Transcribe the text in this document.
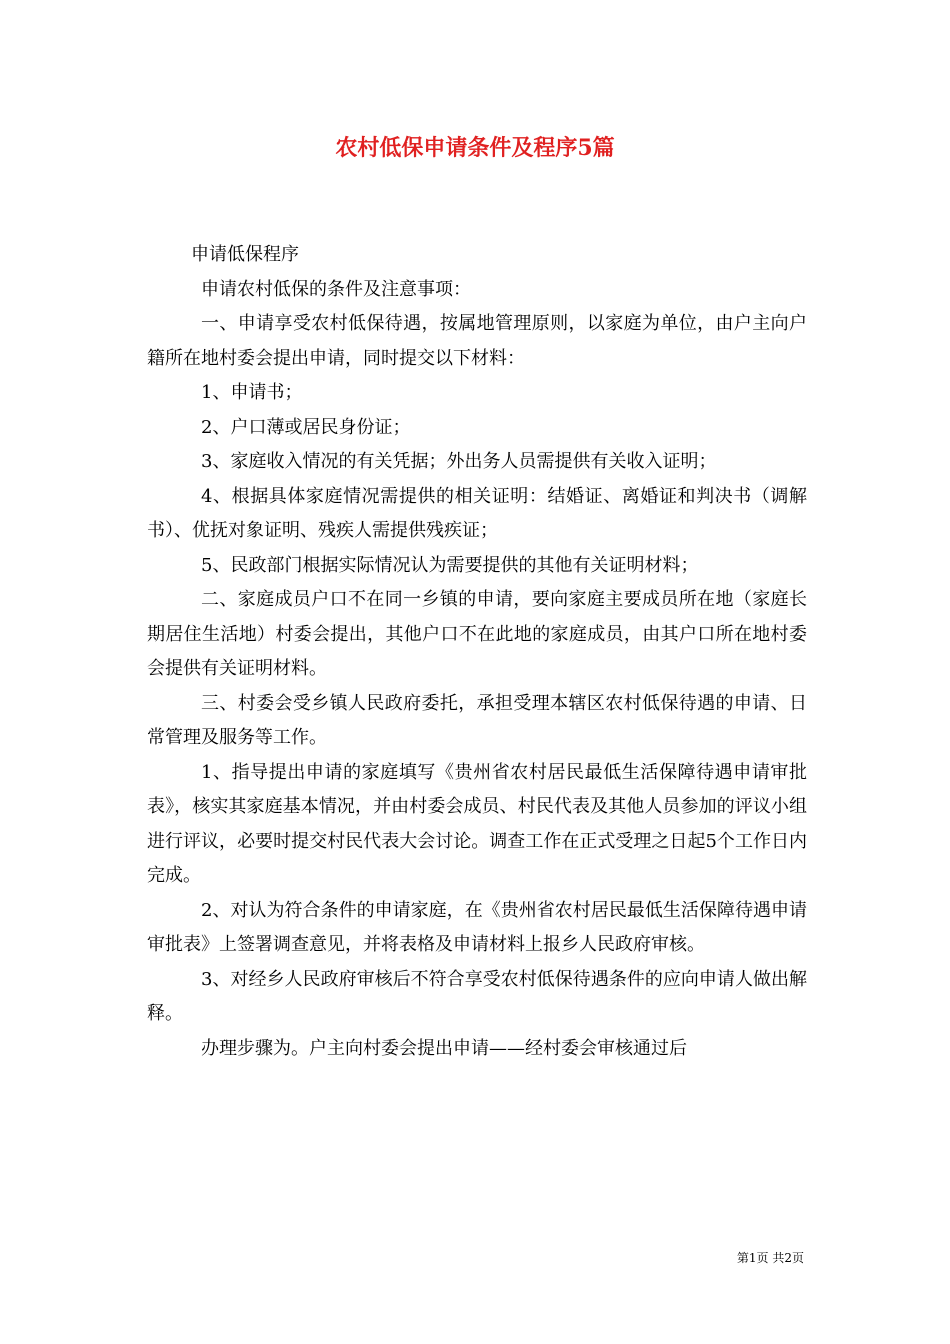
农村低保申请条件及程序5篇

申请低保程序

申请农村低保的条件及注意事项：

一、申请享受农村低保待遇，按属地管理原则，以家庭为单位，由户主向户籍所在地村委会提出申请，同时提交以下材料：

1、申请书；

2、户口薄或居民身份证；

3、家庭收入情况的有关凭据；外出务人员需提供有关收入证明；

4、根据具体家庭情况需提供的相关证明：结婚证、离婚证和判决书（调解书）、优抚对象证明、残疾人需提供残疾证；

5、民政部门根据实际情况认为需要提供的其他有关证明材料；

二、家庭成员户口不在同一乡镇的申请，要向家庭主要成员所在地（家庭长期居住生活地）村委会提出，其他户口不在此地的家庭成员，由其户口所在地村委会提供有关证明材料。

三、村委会受乡镇人民政府委托，承担受理本辖区农村低保待遇的申请、日常管理及服务等工作。

1、指导提出申请的家庭填写《贵州省农村居民最低生活保障待遇申请审批表》，核实其家庭基本情况，并由村委会成员、村民代表及其他人员参加的评议小组进行评议，必要时提交村民代表大会讨论。调查工作在正式受理之日起5个工作日内完成。

2、对认为符合条件的申请家庭，在《贵州省农村居民最低生活保障待遇申请审批表》上签署调查意见，并将表格及申请材料上报乡人民政府审核。

3、对经乡人民政府审核后不符合享受农村低保待遇条件的应向申请人做出解释。

办理步骤为。户主向村委会提出申请——经村委会审核通过后

第1页 共2页
